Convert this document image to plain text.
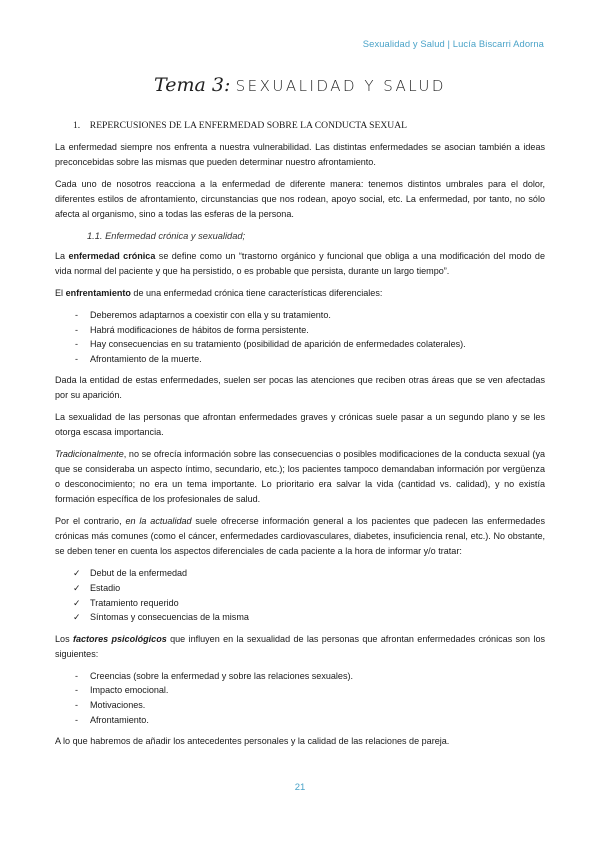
Sexualidad y Salud | Lucía Biscarri Adorna
Tema 3: SEXUALIDAD Y SALUD
1. REPERCUSIONES DE LA ENFERMEDAD SOBRE LA CONDUCTA SEXUAL

La enfermedad siempre nos enfrenta a nuestra vulnerabilidad. Las distintas enfermedades se asocian también a ideas preconcebidas sobre las mismas que pueden determinar nuestro afrontamiento.

Cada uno de nosotros reacciona a la enfermedad de diferente manera: tenemos distintos umbrales para el dolor, diferentes estilos de afrontamiento, circunstancias que nos rodean, apoyo social, etc. La enfermedad, por tanto, no sólo afecta al organismo, sino a todas las esferas de la persona.

1.1. Enfermedad crónica y sexualidad;

La enfermedad crónica se define como un “trastorno orgánico y funcional que obliga a una modificación del modo de vida normal del paciente y que ha persistido, o es probable que persista, durante un largo tiempo”.

El enfrentamiento de una enfermedad crónica tiene características diferenciales:

- Deberemos adaptarnos a coexistir con ella y su tratamiento.
- Habrá modificaciones de hábitos de forma persistente.
- Hay consecuencias en su tratamiento (posibilidad de aparición de enfermedades colaterales).
- Afrontamiento de la muerte.

Dada la entidad de estas enfermedades, suelen ser pocas las atenciones que reciben otras áreas que se ven afectadas por su aparición.

La sexualidad de las personas que afrontan enfermedades graves y crónicas suele pasar a un segundo plano y se les otorga escasa importancia.

Tradicionalmente, no se ofrecía información sobre las consecuencias o posibles modificaciones de la conducta sexual (ya que se consideraba un aspecto íntimo, secundario, etc.); los pacientes tampoco demandaban información por vergüenza o desconocimiento; no era un tema importante. Lo prioritario era salvar la vida (cantidad vs. calidad), y no existía formación específica de los profesionales de salud.

Por el contrario, en la actualidad suele ofrecerse información general a los pacientes que padecen las enfermedades crónicas más comunes (como el cáncer, enfermedades cardiovasculares, diabetes, insuficiencia renal, etc.). No obstante, se deben tener en cuenta los aspectos diferenciales de cada paciente a la hora de informar y/o tratar:

✓ Debut de la enfermedad
✓ Estadio
✓ Tratamiento requerido
✓ Síntomas y consecuencias de la misma

Los factores psicológicos que influyen en la sexualidad de las personas que afrontan enfermedades crónicas son los siguientes:

- Creencias (sobre la enfermedad y sobre las relaciones sexuales).
- Impacto emocional.
- Motivaciones.
- Afrontamiento.

A lo que habremos de añadir los antecedentes personales y la calidad de las relaciones de pareja.

21
